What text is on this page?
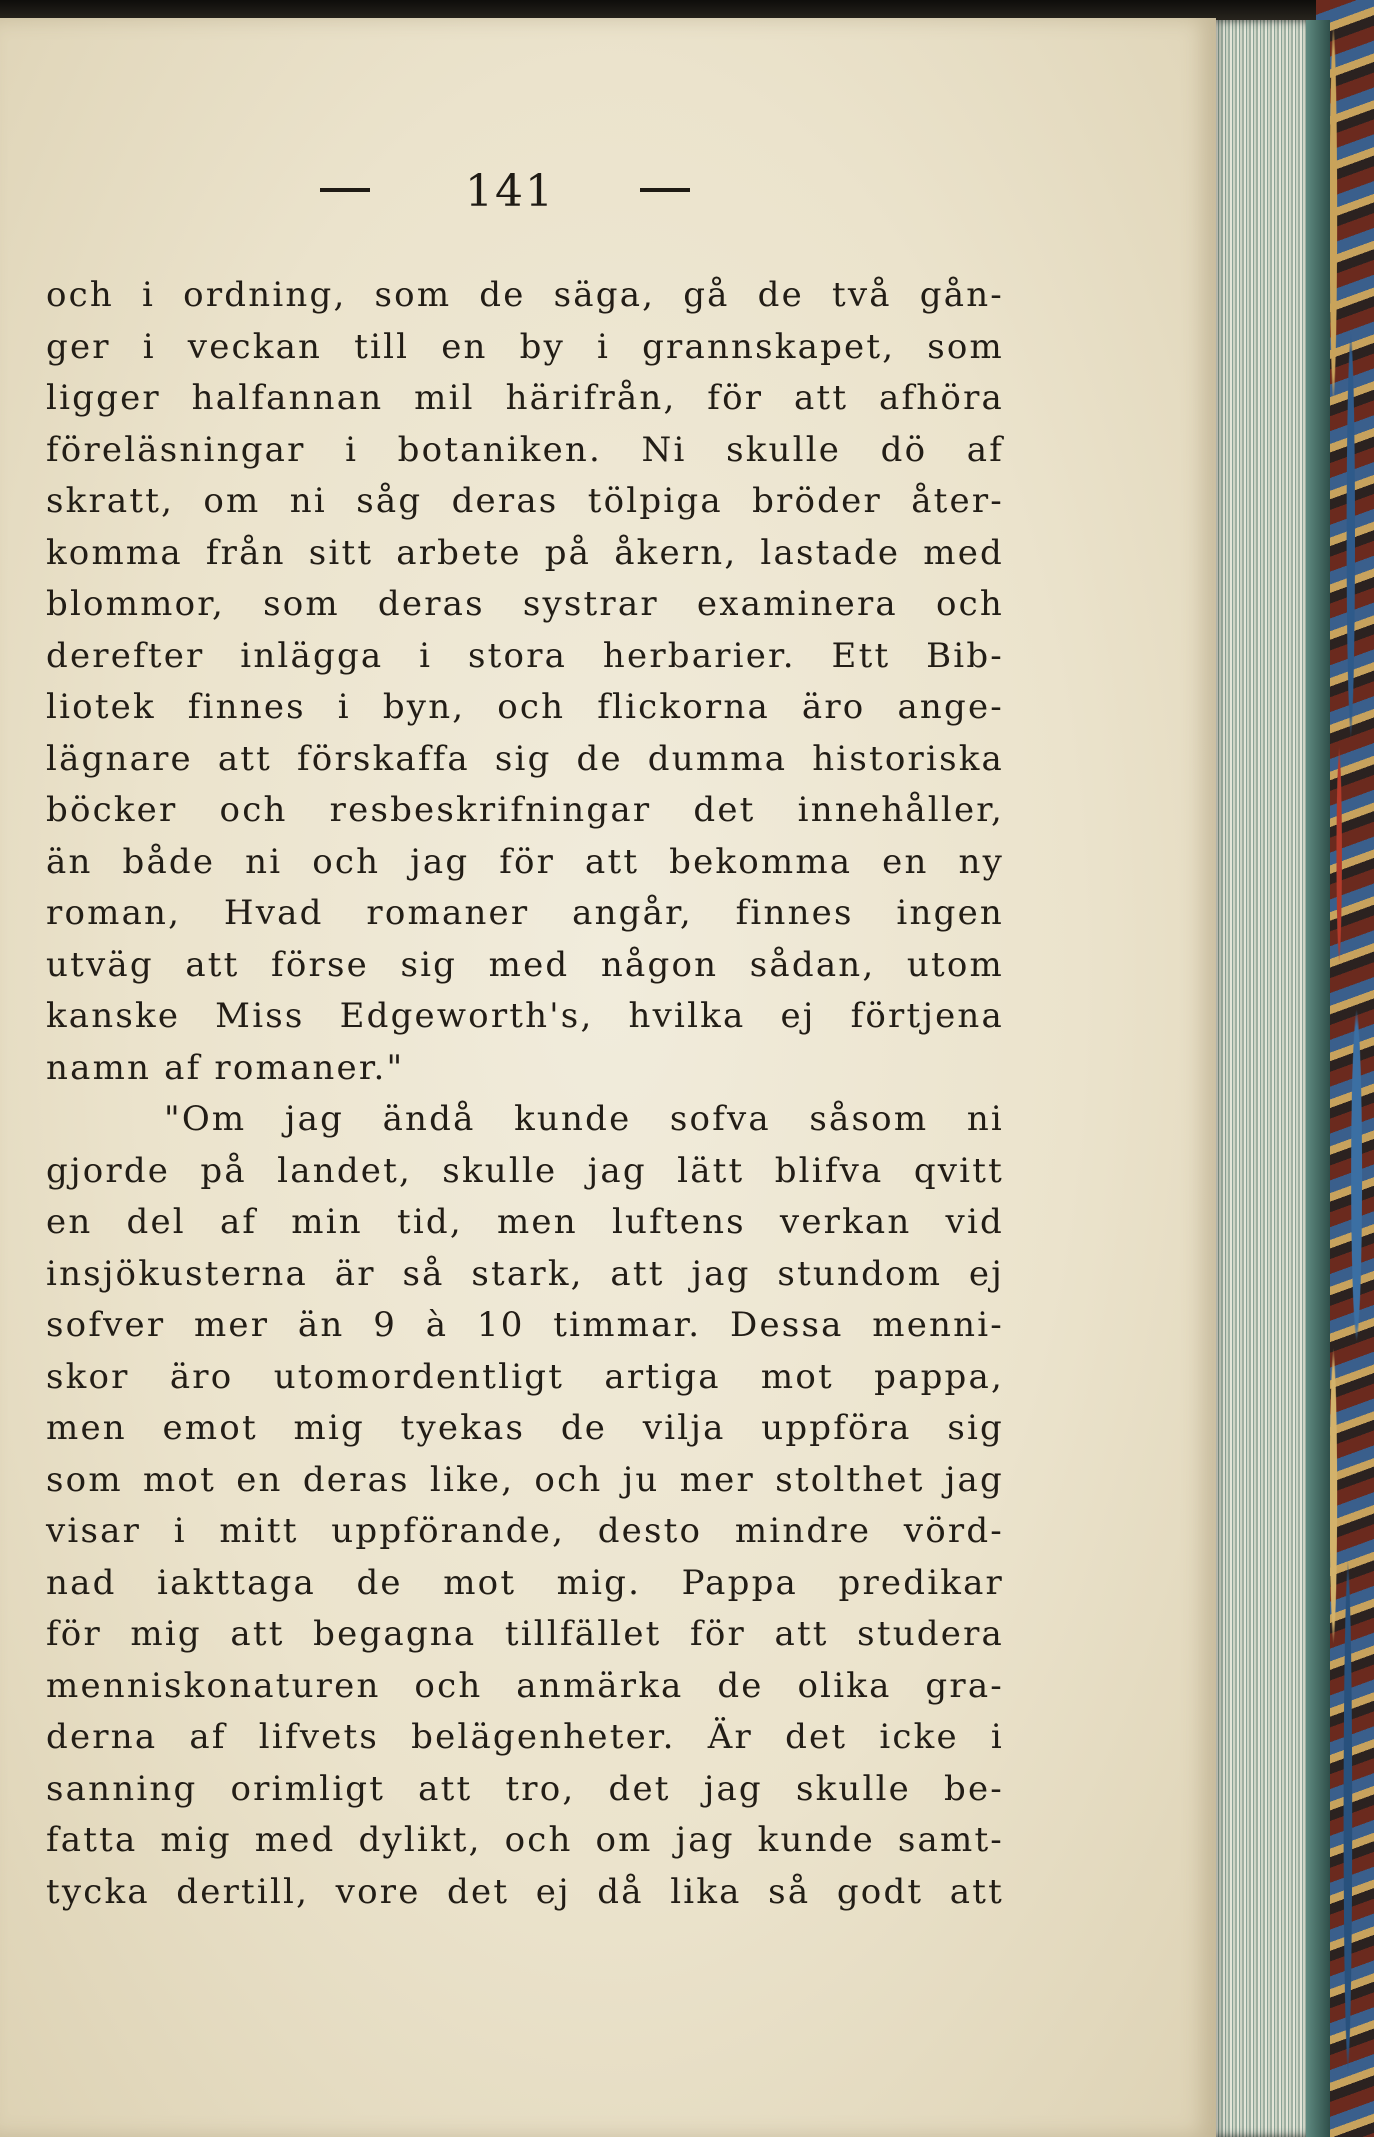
141
och i ordning, som de säga, gå de två gån-
ger i veckan till en by i grannskapet, som
ligger halfannan mil härifrån, för att afhöra
föreläsningar i botaniken. Ni skulle dö af
skratt, om ni såg deras tölpiga bröder åter-
komma från sitt arbete på åkern, lastade med
blommor, som deras systrar examinera och
derefter inlägga i stora herbarier. Ett Bib-
liotek finnes i byn, och flickorna äro ange-
lägnare att förskaffa sig de dumma historiska
böcker och resbeskrifningar det innehåller,
än både ni och jag för att bekomma en ny
roman, Hvad romaner angår, finnes ingen
utväg att förse sig med någon sådan, utom
kanske Miss Edgeworth's, hvilka ej förtjena
namn af romaner."
"Om jag ändå kunde sofva såsom ni
gjorde på landet, skulle jag lätt blifva qvitt
en del af min tid, men luftens verkan vid
insjökusterna är så stark, att jag stundom ej
sofver mer än 9 à 10 timmar. Dessa menni-
skor äro utomordentligt artiga mot pappa,
men emot mig tyekas de vilja uppföra sig
som mot en deras like, och ju mer stolthet jag
visar i mitt uppförande, desto mindre vörd-
nad iakttaga de mot mig. Pappa predikar
för mig att begagna tillfället för att studera
menniskonaturen och anmärka de olika gra-
derna af lifvets belägenheter. Är det icke i
sanning orimligt att tro, det jag skulle be-
fatta mig med dylikt, och om jag kunde samt-
tycka dertill, vore det ej då lika så godt att
